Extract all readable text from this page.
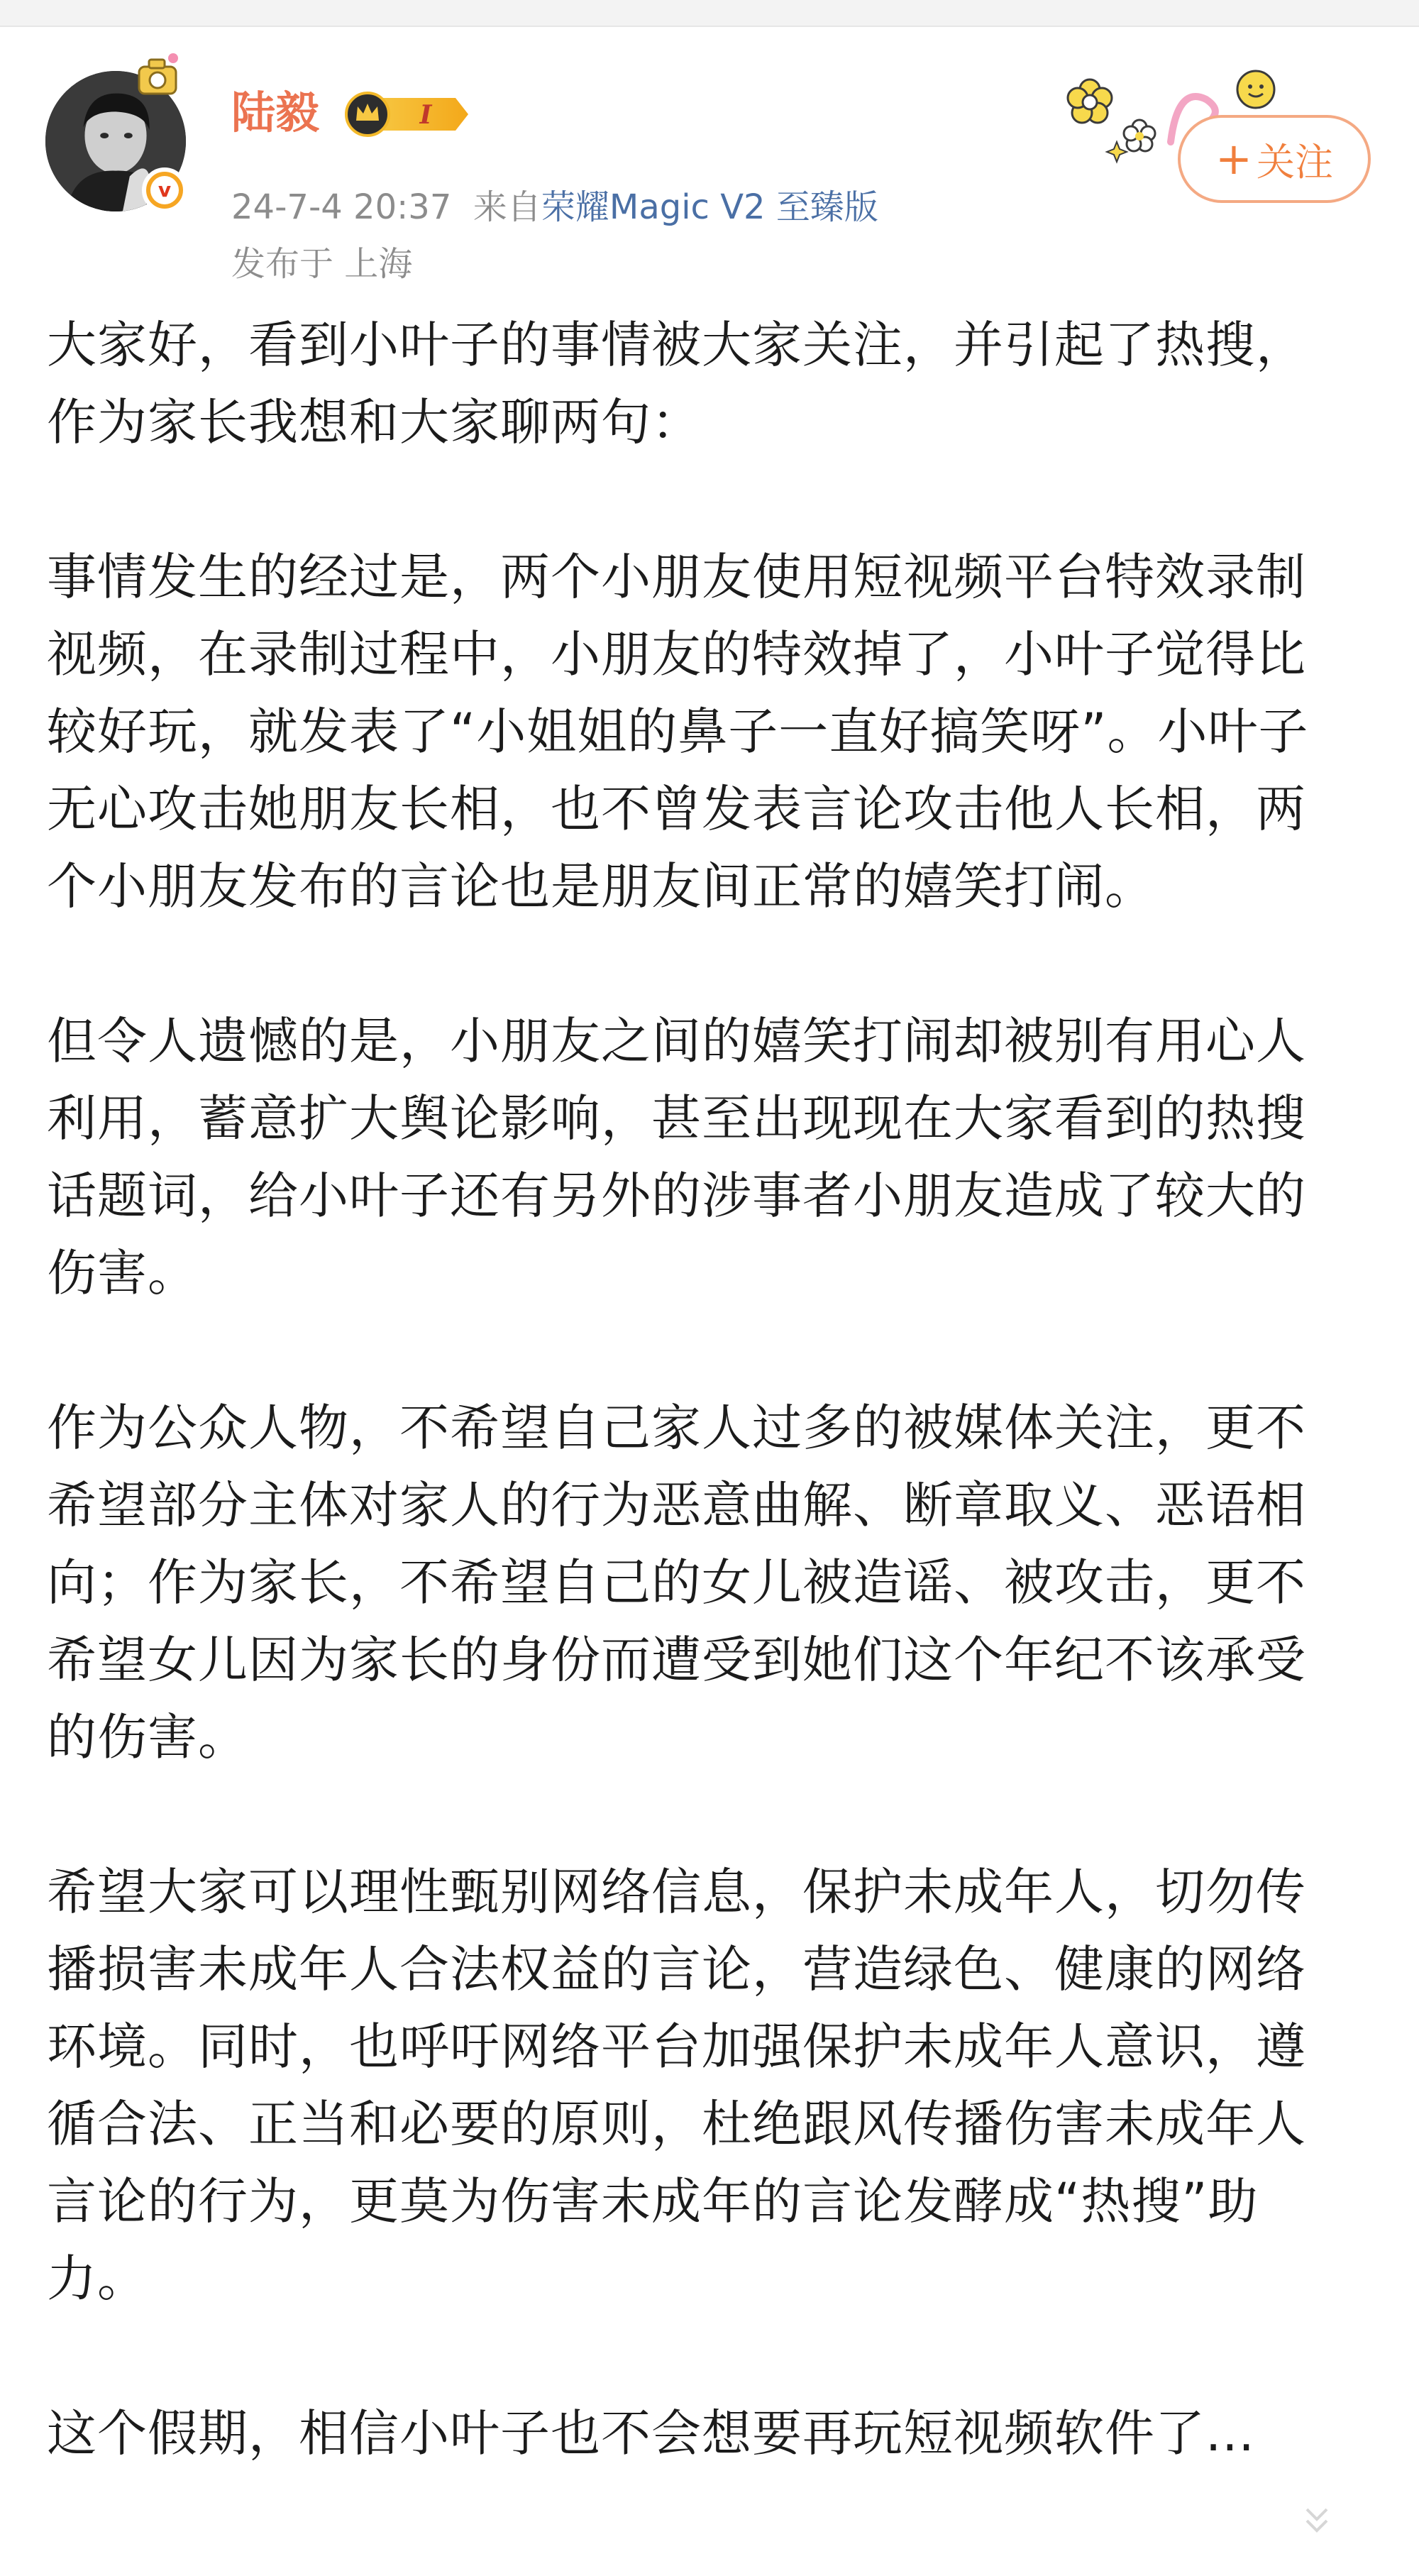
v
陆毅	I
24-7-4 20:37 来自荣耀Magic V2 至臻版
发布于 上海
+ 关注

大家好，看到小叶子的事情被大家关注，并引起了热搜，作为家长我想和大家聊两句：

事情发生的经过是，两个小朋友使用短视频平台特效录制视频，在录制过程中，小朋友的特效掉了，小叶子觉得比较好玩，就发表了“小姐姐的鼻子一直好搞笑呀”。小叶子无心攻击她朋友长相，也不曾发表言论攻击他人长相，两个小朋友发布的言论也是朋友间正常的嬉笑打闹。

但令人遗憾的是，小朋友之间的嬉笑打闹却被别有用心人利用，蓄意扩大舆论影响，甚至出现现在大家看到的热搜话题词，给小叶子还有另外的涉事者小朋友造成了较大的伤害。

作为公众人物，不希望自己家人过多的被媒体关注，更不希望部分主体对家人的行为恶意曲解、断章取义、恶语相向；作为家长，不希望自己的女儿被造谣、被攻击，更不希望女儿因为家长的身份而遭受到她们这个年纪不该承受的伤害。

希望大家可以理性甄别网络信息，保护未成年人，切勿传播损害未成年人合法权益的言论，营造绿色、健康的网络环境。同时，也呼吁网络平台加强保护未成年人意识，遵循合法、正当和必要的原则，杜绝跟风传播伤害未成年人言论的行为，更莫为伤害未成年的言论发酵成“热搜”助力。

这个假期，相信小叶子也不会想要再玩短视频软件了...
